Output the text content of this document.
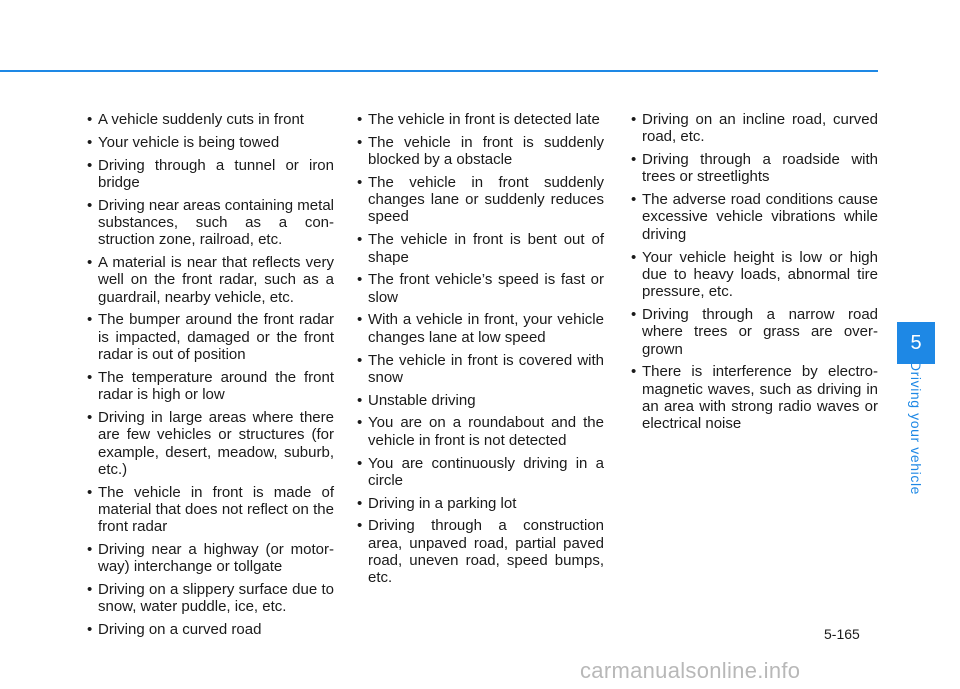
• A vehicle suddenly cuts in front
• Your vehicle is being towed
• Driving through a tunnel or iron bridge
• Driving near areas containing metal substances, such as a con-struction zone, railroad, etc.
• A material is near that reflects very well on the front radar, such as a guardrail, nearby vehicle, etc.
• The bumper around the front radar is impacted, damaged or the front radar is out of position
• The temperature around the front radar is high or low
• Driving in large areas where there are few vehicles or structures (for example, desert, meadow, suburb, etc.)
• The vehicle in front is made of material that does not reflect on the front radar
• Driving near a highway (or motor-way) interchange or tollgate
• Driving on a slippery surface due to snow, water puddle, ice, etc.
• Driving on a curved road
• The vehicle in front is detected late
• The vehicle in front is suddenly blocked by a obstacle
• The vehicle in front suddenly changes lane or suddenly reduces speed
• The vehicle in front is bent out of shape
• The front vehicle’s speed is fast or slow
• With a vehicle in front, your vehicle changes lane at low speed
• The vehicle in front is covered with snow
• Unstable driving
• You are on a roundabout and the vehicle in front is not detected
• You are continuously driving in a circle
• Driving in a parking lot
• Driving through a construction area, unpaved road, partial paved road, uneven road, speed bumps, etc.
• Driving on an incline road, curved road, etc.
• Driving through a roadside with trees or streetlights
• The adverse road conditions cause excessive vehicle vibrations while driving
• Your vehicle height is low or high due to heavy loads, abnormal tire pressure, etc.
• Driving through a narrow road where trees or grass are over-grown
• There is interference by electro-magnetic waves, such as driving in an area with strong radio waves or electrical noise
5
Driving your vehicle
5-165
carmanualsonline.info
